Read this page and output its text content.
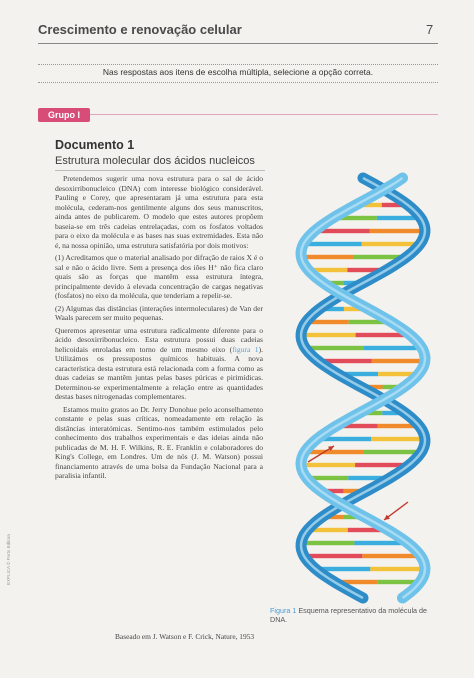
Crescimento e renovação celular	7
Nas respostas aos itens de escolha múltipla, selecione a opção correta.
Grupo I
Documento 1
Estrutura molecular dos ácidos nucleicos

Pretendemos sugerir uma nova estrutura para o sal de ácido desoxirribonucleico (DNA) com interesse biológico considerável. Pauling e Corey, que apresentaram já uma estrutura para esta molécula, cederam-nos gentilmente alguns dos seus manuscritos, ainda antes de publicarem. O modelo que estes autores propõem baseia-se em três cadeias entrelaçadas, com os fosfatos voltados para o eixo da molécula e as bases nas suas extremidades. Esta não é, na nossa opinião, uma estrutura satisfatória por dois motivos:

(1) Acreditamos que o material analisado por difração de raios X é o sal e não o ácido livre. Sem a presença dos iões H⁺ não fica claro quais são as forças que mantêm essa estrutura íntegra, principalmente devido à elevada concentração de cargas negativas (fosfatos) no eixo da molécula, que tenderiam a repelir-se.

(2) Algumas das distâncias (interações intermoleculares) de Van der Waals parecem ser muito pequenas.

Queremos apresentar uma estrutura radicalmente diferente para o ácido desoxirribonucleico. Esta estrutura possui duas cadeias helicoidais enroladas em torno de um mesmo eixo (figura 1). Utilizámos os pressupostos químicos habituais. A nova característica desta estrutura está relacionada com a forma como as duas cadeias se mantêm juntas pelas bases púricas e pirimídicas. Determinou-se experimentalmente a relação entre as quantidades destas bases nitrogenadas complementares.

Estamos muito gratos ao Dr. Jerry Donohue pelo aconselhamento constante e pelas suas críticas, nomeadamente em relação às distâncias interatómicas. Sentimo-nos também estimulados pelo conhecimento dos trabalhos experimentais e das ideias ainda não publicadas de M. H. F. Wilkins, R. E. Franklin e colaboradores do King's College, em Londres. Um de nós (J. M. Watson) possui financiamento através de uma bolsa da Fundação Nacional para a paralisia infantil.

Baseado em J. Watson e F. Crick, Nature, 1953
Figura 1 Esquema representativo da molécula de DNA.
EXPLICA © Porto Editora
